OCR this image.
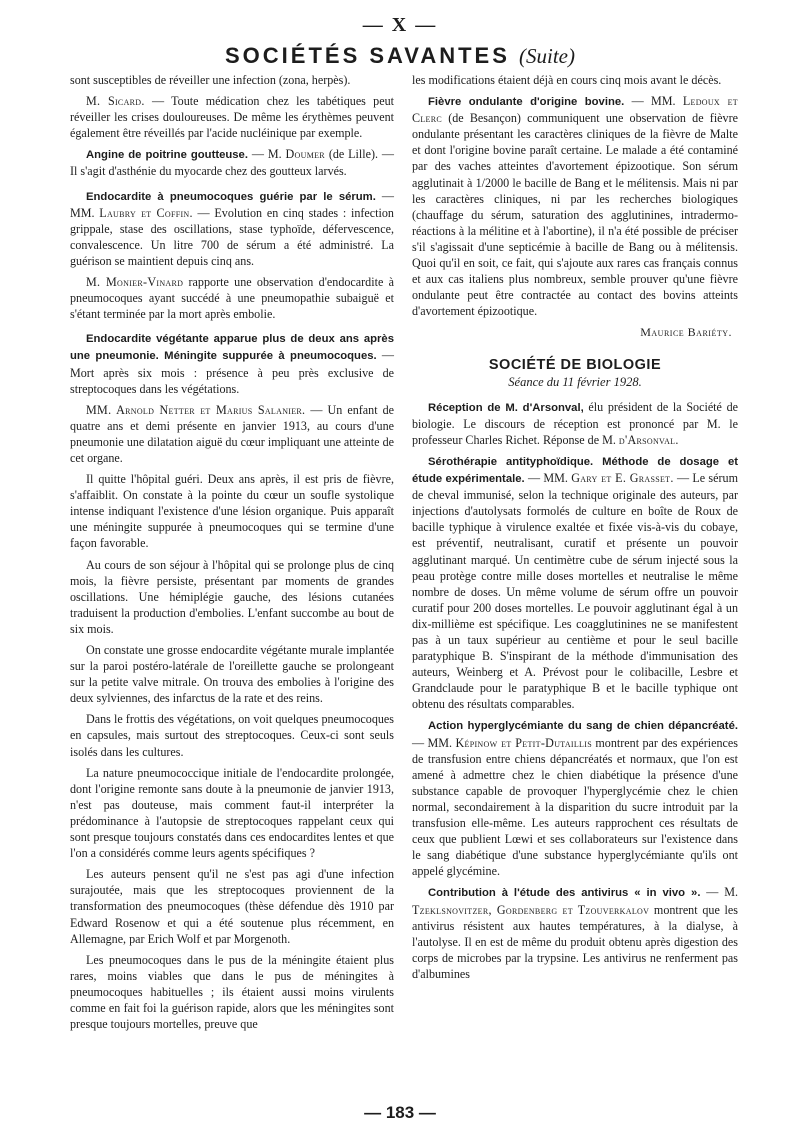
— X —
SOCIÉTÉS SAVANTES (Suite)

sont susceptibles de réveiller une infection (zona, herpès).

M. Sicard. — Toute médication chez les tabétiques peut réveiller les crises douloureuses. De même les érythèmes peuvent également être réveillés par l'acide nucléinique par exemple.

Angine de poitrine goutteuse. — M. Doumer (de Lille). — Il s'agit d'asthénie du myocarde chez des goutteux larvés.

Endocardite à pneumocoques guérie par le sérum. — MM. Laubry et Coffin. — Evolution en cinq stades : infection grippale, stase des oscillations, stase typhoïde, défervescence, convalescence. Un litre 700 de sérum a été administré. La guérison se maintient depuis cinq ans.

M. Monier-Vinard rapporte une observation d'endocardite à pneumocoques ayant succédé à une pneumopathie subaiguë et s'étant terminée par la mort après embolie.

Endocardite végétante apparue plus de deux ans après une pneumonie. Méningite suppurée à pneumocoques. — Mort après six mois : présence à peu près exclusive de streptocoques dans les végétations.

MM. Arnold Netter et Marius Salanier. — Un enfant de quatre ans et demi présente en janvier 1913, au cours d'une pneumonie une dilatation aiguë du cœur impliquant une atteinte de cet organe.

Il quitte l'hôpital guéri. Deux ans après, il est pris de fièvre, s'affaiblit. On constate à la pointe du cœur un soufle systolique intense indiquant l'existence d'une lésion organique. Puis apparaît une méningite suppurée à pneumocoques qui se termine d'une façon favorable.

Au cours de son séjour à l'hôpital qui se prolonge plus de cinq mois, la fièvre persiste, présentant par moments de grandes oscillations. Une hémiplégie gauche, des lésions cutanées traduisent la production d'embolies. L'enfant succombe au bout de six mois.

On constate une grosse endocardite végétante murale implantée sur la paroi postéro-latérale de l'oreillette gauche se prolongeant sur la petite valve mitrale. On trouva des embolies à l'origine des deux sylviennes, des infarctus de la rate et des reins.

Dans le frottis des végétations, on voit quelques pneumocoques en capsules, mais surtout des streptocoques. Ceux-ci sont seuls isolés dans les cultures.

La nature pneumococcique initiale de l'endocardite prolongée, dont l'origine remonte sans doute à la pneumonie de janvier 1913, n'est pas douteuse, mais comment faut-il interpréter la prédominance à l'autopsie de streptocoques rappelant ceux qui sont presque toujours constatés dans ces endocardites lentes et que l'on a considérés comme leurs agents spécifiques ?

Les auteurs pensent qu'il ne s'est pas agi d'une infection surajoutée, mais que les streptocoques proviennent de la transformation des pneumocoques (thèse défendue dès 1910 par Edward Rosenow et qui a été soutenue plus récemment, en Allemagne, par Erich Wolf et par Morgenoth.

Les pneumocoques dans le pus de la méningite étaient plus rares, moins viables que dans le pus de méningites à pneumocoques habituelles ; ils étaient aussi moins virulents comme en fait foi la guérison rapide, alors que les méningites sont presque toujours mortelles, preuve que

les modifications étaient déjà en cours cinq mois avant le décès.

Fièvre ondulante d'origine bovine. — MM. Ledoux et Clerc (de Besançon) communiquent une observation de fièvre ondulante présentant les caractères cliniques de la fièvre de Malte et dont l'origine bovine paraît certaine. Le malade a été contaminé par des vaches atteintes d'avortement épizootique. Son sérum agglutinait à 1/2000 le bacille de Bang et le mélitensis. Mais ni par les caractères cliniques, ni par les recherches biologiques (chauffage du sérum, saturation des agglutinines, intradermo-réactions à la mélitine et à l'abortine), il n'a été possible de préciser s'il s'agissait d'une septicémie à bacille de Bang ou à mélitensis. Quoi qu'il en soit, ce fait, qui s'ajoute aux rares cas français connus et aux cas italiens plus nombreux, semble prouver qu'une fièvre ondulante peut être contractée au contact des bovins atteints d'avortement épizootique.

Maurice Bariéty.
SOCIÉTÉ DE BIOLOGIE
Séance du 11 février 1928.

Réception de M. d'Arsonval, élu président de la Société de biologie. Le discours de réception est prononcé par M. le professeur Charles Richet. Réponse de M. d'Arsonval.

Sérothérapie antityphoïdique. Méthode de dosage et étude expérimentale. — MM. Gary et E. Grasset. — Le sérum de cheval immunisé, selon la technique originale des auteurs, par injections d'autolysats formolés de culture en boîte de Roux de bacille typhique à virulence exaltée et fixée vis-à-vis du cobaye, est préventif, neutralisant, curatif et présente un pouvoir agglutinant marqué. Un centimètre cube de sérum injecté sous la peau protège contre mille doses mortelles et neutralise le même nombre de doses. Un même volume de sérum offre un pouvoir curatif pour 200 doses mortelles. Le pouvoir agglutinant égal à un dix-millième est spécifique. Les coagglutinines ne se manifestent pas à un taux supérieur au centième et pour le seul bacille paratyphique B. S'inspirant de la méthode d'immunisation des auteurs, Weinberg et A. Prévost pour le colibacille, Lesbre et Grandclaude pour le paratyphique B et le bacille typhique ont obtenu des résultats comparables.

Action hyperglycémiante du sang de chien dépancréaté. — MM. Képinow et Petit-Dutaillis montrent par des expériences de transfusion entre chiens dépancréatés et normaux, que l'on est amené à admettre chez le chien diabétique la présence d'une substance capable de provoquer l'hyperglycémie chez le chien normal, secondairement à la disparition du sucre introduit par la transfusion elle-même. Les auteurs rapprochent ces résultats de ceux que publient Lœwi et ses collaborateurs sur l'existence dans le sang diabétique d'une substance hyperglycémiante qu'ils ont appelé glycémine.

Contribution à l'étude des antivirus « in vivo ». — M. Tzeklsnovitzer, Gordenberg et Tzouverkalov montrent que les antivirus résistent aux hautes températures, à la dialyse, à l'autolyse. Il en est de même du produit obtenu après digestion des corps de microbes par la trypsine. Les antivirus ne renferment pas d'albumines

— 183 —
